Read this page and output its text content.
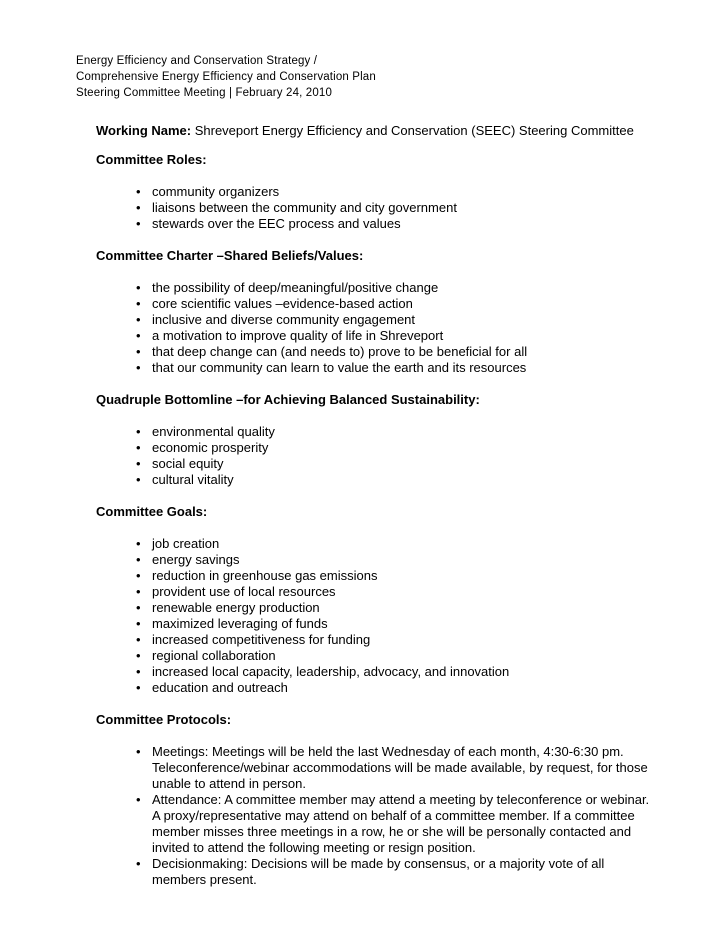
Energy Efficiency and Conservation Strategy /
Comprehensive Energy Efficiency and Conservation Plan
Steering Committee Meeting | February 24, 2010

Working Name: Shreveport Energy Efficiency and Conservation (SEEC) Steering Committee

Committee Roles:

• community organizers
• liaisons between the community and city government
• stewards over the EEC process and values

Committee Charter –Shared Beliefs/Values:

• the possibility of deep/meaningful/positive change
• core scientific values –evidence-based action
• inclusive and diverse community engagement
• a motivation to improve quality of life in Shreveport
• that deep change can (and needs to) prove to be beneficial for all
• that our community can learn to value the earth and its resources

Quadruple Bottomline –for Achieving Balanced Sustainability:

• environmental quality
• economic prosperity
• social equity
• cultural vitality

Committee Goals:

• job creation
• energy savings
• reduction in greenhouse gas emissions
• provident use of local resources
• renewable energy production
• maximized leveraging of funds
• increased competitiveness for funding
• regional collaboration
• increased local capacity, leadership, advocacy, and innovation
• education and outreach

Committee Protocols:

• Meetings: Meetings will be held the last Wednesday of each month, 4:30-6:30 pm. Teleconference/webinar accommodations will be made available, by request, for those unable to attend in person.
• Attendance: A committee member may attend a meeting by teleconference or webinar. A proxy/representative may attend on behalf of a committee member. If a committee member misses three meetings in a row, he or she will be personally contacted and invited to attend the following meeting or resign position.
• Decisionmaking: Decisions will be made by consensus, or a majority vote of all members present.
